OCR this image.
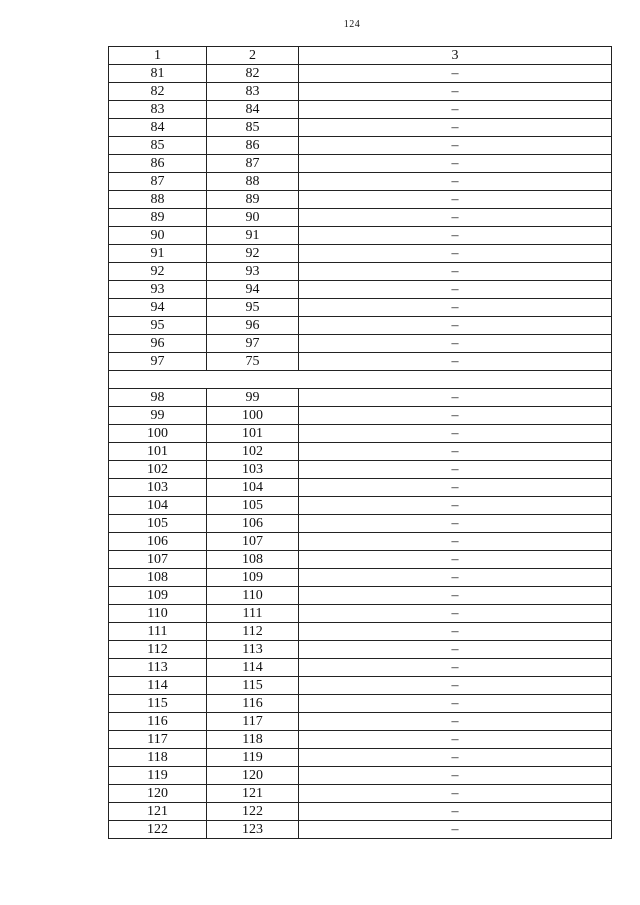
124
1	2	3
81	82	–
82	83	–
83	84	–
84	85	–
85	86	–
86	87	–
87	88	–
88	89	–
89	90	–
90	91	–
91	92	–
92	93	–
93	94	–
94	95	–
95	96	–
96	97	–
97	75	–

98	99	–
99	100	–
100	101	–
101	102	–
102	103	–
103	104	–
104	105	–
105	106	–
106	107	–
107	108	–
108	109	–
109	110	–
110	111	–
111	112	–
112	113	–
113	114	–
114	115	–
115	116	–
116	117	–
117	118	–
118	119	–
119	120	–
120	121	–
121	122	–
122	123	–
